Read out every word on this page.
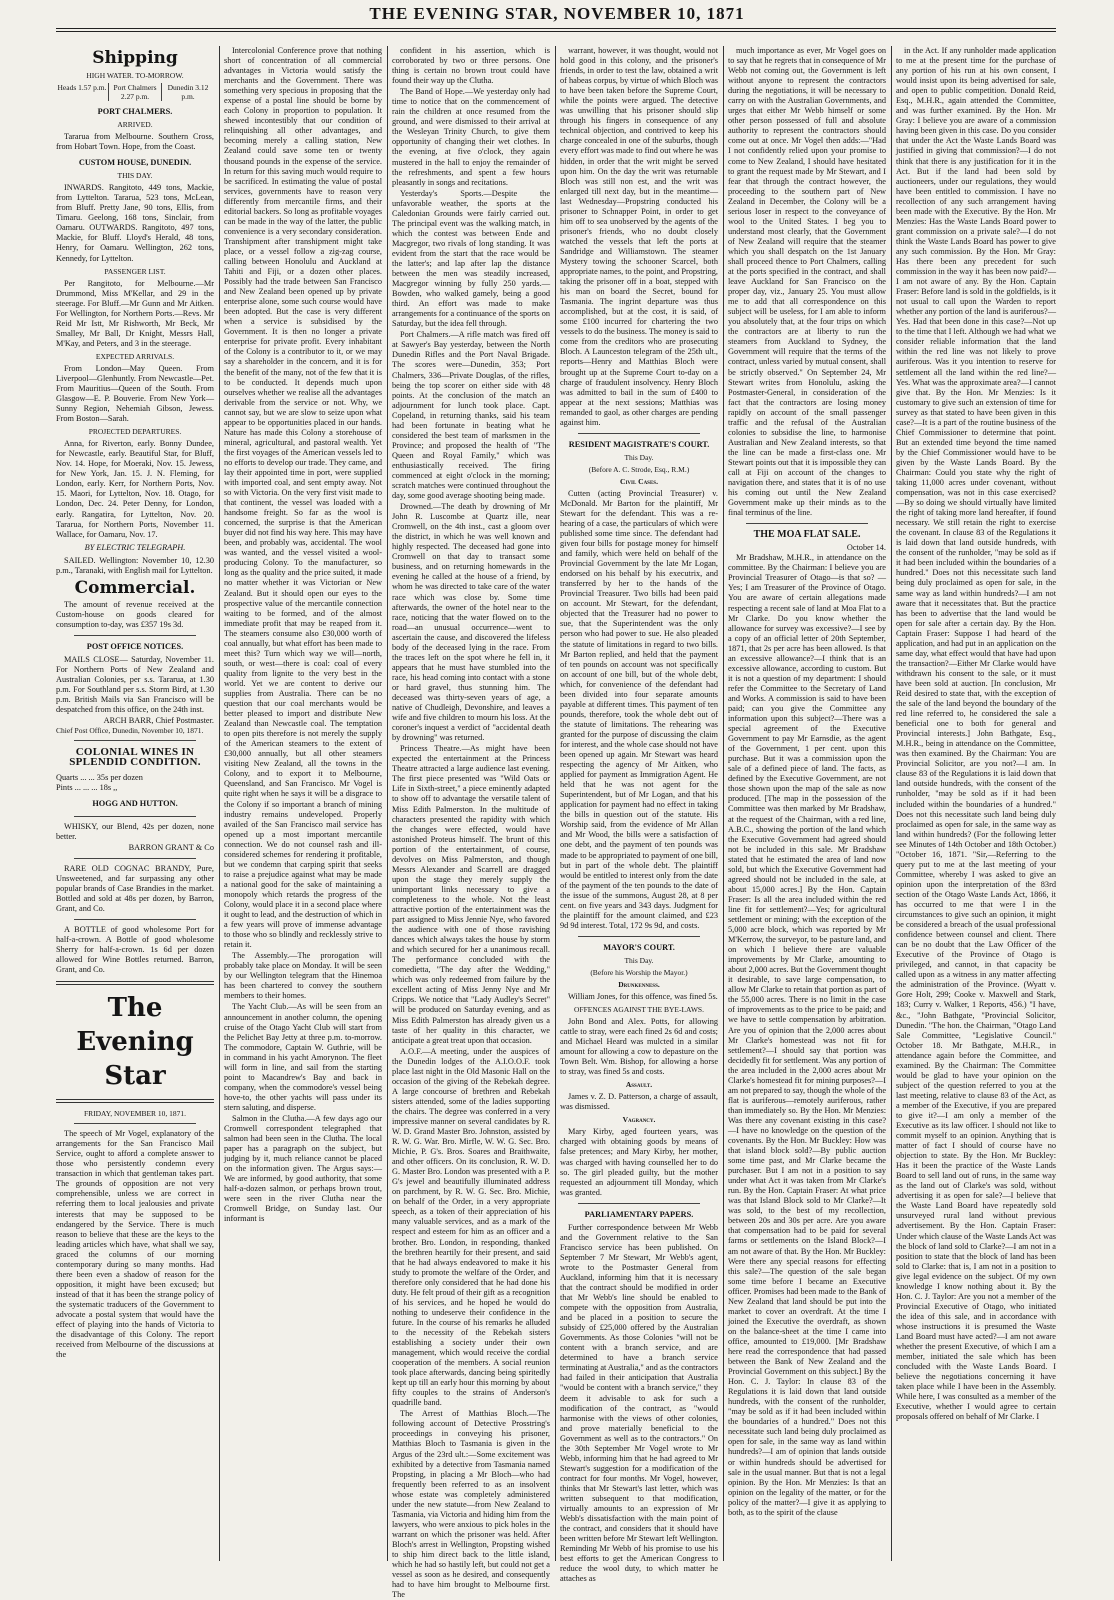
THE EVENING STAR, NOVEMBER 10, 1871
Shipping
HIGH WATER. TO-MORROW.
Heads 1.57 p.m. Port Chalmers 2.27 p.m.
Dunedin 3.12 p.m.
PORT CHALMERS.
ARRIVED.

Tararua from Melbourne. Southern Cross, from Hobart Town. Hope, from the Coast.

CUSTOM HOUSE, DUNEDIN.
THIS DAY.

INWARDS. Rangitoto, 449 tons, Mackie, from Lyttelton. Tararua, 523 tons, McLean, from Bluff. Pretty Jane, 90 tons, Ellis, from Timaru. Geelong, 168 tons, Sinclair, from Oamaru. OUTWARDS. Rangitoto, 497 tons, Mackie, for Bluff. Lloyd's Herald, 48 tons, Henry, for Oamaru. Wellington, 262 tons, Kennedy, for Lyttelton.

PASSENGER LIST.

Per Rangitoto, for Melbourne.—Mr Drummond, Miss M'Kellar, and 29 in the steerage. For Bluff.—Mr Gunn and Mr Aitken. For Wellington, for Northern Ports.—Revs. Mr Reid Mr Istt, Mr Rishworth, Mr Beck, Mr Smalley, Mr Ball, Dr Knight, Messrs Hall, M'Kay, and Peters, and 3 in the steerage.

EXPECTED ARRIVALS.

From London—May Queen. From Liverpool—Glenhuntly. From Newcastle—Pet. From Mauritius—Queen of the South. From Glasgow—E. P. Bouverie. From New York—Sunny Region, Nehemiah Gibson, Jewess. From Boston—Sarah.

PROJECTED DEPARTURES.

Anna, for Riverton, early. Bonny Dundee, for Newcastle, early. Beautiful Star, for Bluff, Nov. 14. Hope, for Moeraki, Nov. 15. Jewess, for New York, Jan. 15. J. N. Fleming, for London, early. Kerr, for Northern Ports, Nov. 15. Maori, for Lyttelton, Nov. 18. Otago, for London, Dec. 24. Peter Denny, for London, early. Rangatira, for Lyttelton, Nov. 20. Tararua, for Northern Ports, November 11. Wallace, for Oamaru, Nov. 17.

BY ELECTRIC TELEGRAPH.

SAILED. Wellington: November 10, 12.30 p.m., Taranaki, with English mail for Lyttelton.

Commercial.

The amount of revenue received at the Custom-house on goods cleared for consumption to-day, was £357 19s 3d.

POST OFFICE NOTICES.

MAILS CLOSE— Saturday, November 11. For Northern Ports of New Zealand and Australian Colonies, per s.s. Tararua, at 1.30 p.m. For Southland per s.s. Storm Bird, at 1.30 p.m. British Mails via San Francisco will be despatched from this office, on the 24th inst.

ARCH BARR, Chief Postmaster.
Chief Post Office, Dunedin, November 10, 1871.
COLONIAL WINES IN SPLENDID CONDITION.
Quarts ... ... 35s per dozen
Pints ... ... ... 18s ,,
HOGG AND HUTTON.

WHISKY, our Blend, 42s per dozen, none better.

BARRON GRANT & Co

RARE OLD COGNAC BRANDY, Pure, Unsweetened, and far surpassing any other popular brands of Case Brandies in the market. Bottled and sold at 48s per dozen, by Barron, Grant, and Co.

A BOTTLE of good wholesome Port for half-a-crown. A Bottle of good wholesome Sherry for half-a-crown. 1s 6d per dozen allowed for Wine Bottles returned. Barron, Grant, and Co.

The Evening Star
FRIDAY, NOVEMBER 10, 1871.

The speech of Mr Vogel, explanatory of the arrangements for the San Francisco Mail Service, ought to afford a complete answer to those who persistently condemn every transaction in which that gentleman takes part. The grounds of opposition are not very comprehensible, unless we are correct in referring them to local jealousies and private interests that may be supposed to be endangered by the Service. There is much reason to believe that these are the keys to the leading articles which have, what shall we say, graced the columns of our morning contemporary during so many months. Had there been even a shadow of reason for the opposition, it might have been excused; but instead of that it has been the strange policy of the systematic traducers of the Government to advocate a postal system that would have the effect of playing into the hands of Victoria to the disadvantage of this Colony. The report received from Melbourne of the discussions at the

Intercolonial Conference prove that nothing short of concentration of all commercial advantages in Victoria would satisfy the merchants and the Government. There was something very specious in proposing that the expense of a postal line should be borne by each Colony in proportion to population. It shewed incontestibly that our condition of relinquishing all other advantages, and becoming merely a calling station, New Zealand could save some ten or twenty thousand pounds in the expense of the service. In return for this saving much would require to be sacrificed. In estimating the value of postal services, governments have to reason very differently from mercantile firms, and their editorial backers. So long as profitable voyages can be made in the way of the latter, the public convenience is a very secondary consideration. Transhipment after transhipment might take place, or a vessel follow a zig-zag course, calling between Honolulu and Auckland at Tahiti and Fiji, or a dozen other places. Possibly had the trade between San Francisco and New Zealand been opened up by private enterprise alone, some such course would have been adopted. But the case is very different when a service is subsidised by the Government. It is then no longer a private enterprise for private profit. Every inhabitant of the Colony is a contributor to it, or we may say a shareholder in the concern, and it is for the benefit of the many, not of the few that it is to be conducted. It depends much upon ourselves whether we realise all the advantages derivable from the service or not. Why, we cannot say, but we are slow to seize upon what appear to be opportunities placed in our hands. Nature has made this Colony a storehouse of mineral, agricultural, and pastoral wealth. Yet the first voyages of the American vessels led to no efforts to develop our trade. They came, and lay their appointed time in port, were supplied with imported coal, and sent empty away. Not so with Victoria. On the very first visit made to that continent, the vessel was loaded with a handsome freight. So far as the wool is concerned, the surprise is that the American buyer did not find his way here. This may have been, and probably was, accidental. The wool was wanted, and the vessel visited a wool-producing Colony. To the manufacturer, so long as the quality and the price suited, it made no matter whether it was Victorian or New Zealand. But it should open our eyes to the prospective value of the mercantile connection waiting to be formed, and of the almost immediate profit that may be reaped from it. The steamers consume also £30,000 worth of coal annually, but what effort has been made to meet this? Turn which way we will—north, south, or west—there is coal: coal of every quality from lignite to the very best in the world. Yet we are content to derive our supplies from Australia. There can be no question that our coal merchants would be better pleased to import and distribute New Zealand than Newcastle coal. The temptation to open pits therefore is not merely the supply of the American steamers to the extent of £30,000 annually, but all other steamers visiting New Zealand, all the towns in the Colony, and to export it to Melbourne, Queensland, and San Francisco. Mr Vogel is quite right when he says it will be a disgrace to the Colony if so important a branch of mining industry remains undeveloped. Properly availed of the San Francisco mail service has opened up a most important mercantile connection. We do not counsel rash and ill-considered schemes for rendering it profitable, but we condemn that carping spirit that seeks to raise a prejudice against what may be made a national good for the sake of maintaining a monopoly which retards the progress of the Colony, would place it in a second place where it ought to lead, and the destruction of which in a few years will prove of immense advantage to those who so blindly and recklessly strive to retain it.

The Assembly.—The prorogation will probably take place on Monday. It will be seen by our Wellington telegram that the Hinemoa has been chartered to convey the southern members to their homes.

The Yacht Club.—As will be seen from an announcement in another column, the opening cruise of the Otago Yacht Club will start from the Pelichet Bay Jetty at three p.m. to-morrow. The commodore, Captain W. Guthrie, will be in command in his yacht Amorynon. The fleet will form in line, and sail from the starting point to Macandrew's Bay and back in company, when the commodore's vessel being hove-to, the other yachts will pass under its stern saluting, and disperse.

Salmon in the Clutha.—A few days ago our Cromwell correspondent telegraphed that salmon had been seen in the Clutha. The local paper has a paragraph on the subject, but judging by it, much reliance cannot be placed on the information given. The Argus says:—We are informed, by good authority, that some half-a-dozen salmon, or perhaps brown trout, were seen in the river Clutha near the Cromwell Bridge, on Sunday last. Our informant is

confident in his assertion, which is corroborated by two or three persons. One thing is certain no brown trout could have found their way up the Clutha.

The Band of Hope.—We yesterday only had time to notice that on the commencement of rain the children at once resumed from the ground, and were dismissed to their arrival at the Wesleyan Trinity Church, to give them opportunity of changing their wet clothes. In the evening, at five o'clock, they again mustered in the hall to enjoy the remainder of the refreshments, and spent a few hours pleasantly in songs and recitations.

Yesterday's Sports.—Despite the unfavorable weather, the sports at the Caledonian Grounds were fairly carried out. The principal event was the walking match, in which the contest was between Ende and Macgregor, two rivals of long standing. It was evident from the start that the race would be the latter's; and lap after lap the distance between the men was steadily increased, Macgregor winning by fully 250 yards.—Bowden, who walked gamely, being a good third. An effort was made to make arrangements for a continuance of the sports on Saturday, but the idea fell through.

Port Chalmers.—A rifle match was fired off at Sawyer's Bay yesterday, between the North Dunedin Rifles and the Port Naval Brigade. The scores were—Dunedin, 353; Port Chalmers, 336—Private Douglas, of the rifles, being the top scorer on either side with 48 points. At the conclusion of the match an adjournment for lunch took place. Capt. Copeland, in returning thanks, said his team had been fortunate in beating what he considered the best team of marksmen in the Province; and proposed the health of "The Queen and Royal Family," which was enthusiastically received. The firing commenced at eight o'clock in the morning; scratch matches were continued throughout the day, some good average shooting being made.

Drowned.—The death by drowning of Mr John R. Luscombe at Quartz ille, near Cromwell, on the 4th inst., cast a gloom over the district, in which he was well known and highly respected. The deceased had gone into Cromwell on that day to transact some business, and on returning homewards in the evening he called at the house of a friend, by whom he was directed to take care of the water race which was close by. Some time afterwards, the owner of the hotel near to the race, noticing that the water flowed on to the road—an unusual occurrence—went to ascertain the cause, and discovered the lifeless body of the deceased lying in the race. From the traces left on the spot where he fell in, it appears that he must have stumbled into the race, his head coming into contact with a stone or hard gravel, thus stunning him. The deceased was thirty-seven years of age, a native of Chudleigh, Devonshire, and leaves a wife and five children to mourn his loss. At the coroner's inquest a verdict of "accidental death by drowning" was returned.

Princess Theatre.—As might have been expected the entertainment at the Princess Theatre attracted a large audience last evening. The first piece presented was "Wild Oats or Life in Sixth-street," a piece eminently adapted to show off to advantage the versatile talent of Miss Edith Palmerston. In the multitude of characters presented the rapidity with which the changes were effected, would have astonished Proteus himself. The brunt of this portion of the entertainment, of course, devolves on Miss Palmerston, and though Messrs Alexander and Scarrell are dragged upon the stage they merely supply the unimportant links necessary to give a completeness to the whole. Not the least attractive portion of the entertainment was the part assigned to Miss Jennie Nye, who favored the audience with one of those ravishing dances which always takes the house by storm and which secured for her a unanimous recall. The performance concluded with the comedietta, "The day after the Wedding," which was only redeemed from failure by the excellent acting of Miss Jenny Nye and Mr Cripps. We notice that "Lady Audley's Secret" will be produced on Saturday evening, and as Miss Edith Palmerston has already given us a taste of her quality in this character, we anticipate a great treat upon that occasion.

A.O.F.—A meeting, under the auspices of the Dunedin lodges of the A.I.O.O.F. took place last night in the Old Masonic Hall on the occasion of the giving of the Rebekah degree. A large concourse of brethren and Rebekah sisters attended, some of the ladies supporting the chairs. The degree was conferred in a very impressive manner on several candidates by R. W. D. Grand Master Bro. Johnston, assisted by R. W. G. War. Bro. Mirfle, W. W. G. Sec. Bro. Michie, P. G's. Bros. Soares and Braithwaite, and other officers. On its conclusion, R. W. D. G. Master Bro. London was presented with a P. G's jewel and beautifully illuminated address on parchment, by R. W. G. Sec. Bro. Michie, on behalf of the Order, in a very appropriate speech, as a token of their appreciation of his many valuable services, and as a mark of the respect and esteem for him as an officer and a brother. Bro. London, in responding, thanked the brethren heartily for their present, and said that he had always endeavored to make it his study to promote the welfare of the Order, and therefore only considered that he had done his duty. He felt proud of their gift as a recognition of his services, and he hoped he would do nothing to undeserve their confidence in the future. In the course of his remarks he alluded to the necessity of the Rebekah sisters establishing a society under their own management, which would receive the cordial cooperation of the members. A social reunion took place afterwards, dancing being spiritedly kept up till an early hour this morning by about fifty couples to the strains of Anderson's quadrille band.

The Arrest of Matthias Bloch.—The following account of Detective Prosstring's proceedings in conveying his prisoner, Matthias Bloch to Tasmania is given in the Argus of the 23rd ult.:—Some excitement was exhibited by a detective from Tasmania named Propsting, in placing a Mr Bloch—who had frequently been referred to as an insolvent whose estate was completely administered under the new statute—from New Zealand to Tasmania, via Victoria and hiding him from the lawyers, who were anxious to pick holes in the warrant on which the prisoner was held. After Bloch's arrest in Wellington, Propsting wished to ship him direct back to the little island, which he had so hastily left, but could not get a vessel as soon as he desired, and consequently had to have him brought to Melbourne first. The

warrant, however, it was thought, would not hold good in this colony, and the prisoner's friends, in order to test the law, obtained a writ of habeas corpus, by virtue of which Bloch was to have been taken before the Supreme Court, while the points were argued. The detective was unwilling that his prisoner should slip through his fingers in consequence of any technical objection, and contrived to keep his charge concealed in one of the suburbs, though every effort was made to find out where he was hidden, in order that the writ might be served upon him. On the day the writ was returnable Bloch was still non est, and the writ was enlarged till next day, but in the meantime—last Wednesday—Propstring conducted his prisoner to Schnapper Point, in order to get him off to sea unobserved by the agents of the prisoner's friends, who no doubt closely watched the vessels that left the ports at Sandridge and Williamstown. The steamer Mystery towing the schooner Scarcel, both appropriate names, to the point, and Propstring, taking the prisoner off in a boat, stepped with his man on board the Secret, bound for Tasmania. The ingrint departure was thus accomplished, but at the cost, it is said, of some £100 incurred for chartering the two vessels to do the business. The money is said to come from the creditors who are prosecuting Bloch. A Launceston telegram of the 25th ult., reports—Henry and Matthias Bloch were brought up at the Supreme Court to-day on a charge of fraudulent insolvency. Henry Bloch was admitted to bail in the sum of £400 to appear at the next sessions; Matthias was remanded to gaol, as other charges are pending against him.

RESIDENT MAGISTRATE'S COURT.
This Day.
(Before A. C. Strode, Esq., R.M.)
Civil Cases.

Cutten (acting Provincial Treasurer) v. McDonald. Mr Barton for the plaintiff, Mr Stewart for the defendant. This was a re-hearing of a case, the particulars of which were published some time since. The defendant had given four bills for postage money for himself and family, which were held on behalf of the Provincial Government by the late Mr Logan, endorsed on his behalf by his executrix, and transferred by her to the hands of the Provincial Treasurer. Two bills had been paid on account. Mr Stewart, for the defendant, objected that the Treasurer had no power to sue, that the Superintendent was the only person who had power to sue. He also pleaded the statute of limitations in regard to two bills. Mr Barton replied, and held that the payment of ten pounds on account was not specifically on account of one bill, but of the whole debt, which, for convenience of the defendant had been divided into four separate amounts payable at different times. This payment of ten pounds, therefore, took the whole debt out of the statute of limitations. The rehearing was granted for the purpose of discussing the claim for interest, and the whole case should not have been opened up again. Mr Stewart was heard respecting the agency of Mr Aitken, who applied for payment as Immigration Agent. He held that he was not agent for the Superintendent, but of Mr Logan, and that his application for payment had no effect in taking the bills in question out of the statute. His Worship said, from the evidence of Mr Allan and Mr Wood, the bills were a satisfaction of one debt, and the payment of ten pounds was made to be appropriated to payment of one bill, but in part of the whole debt. The plaintiff would be entitled to interest only from the date of the payment of the ten pounds to the date of the issue of the summons, August 28, at 8 per cent. on five years and 343 days. Judgment for the plaintiff for the amount claimed, and £23 9d 9d interest. Total, 172 9s 9d, and costs.

MAYOR'S COURT.
This Day.
(Before his Worship the Mayor.)
Drunkenness.

William Jones, for this offence, was fined 5s.

OFFENCES AGAINST THE BYE-LAWS.

John Bond and Alex. Potts, for allowing cattle to stray, were each fined 2s 6d and costs; and Michael Heard was mulcted in a similar amount for allowing a cow to depasture on the Town Belt. Wm. Bishop, for allowing a horse to stray, was fined 5s and costs.

Assault.

James v. Z. D. Patterson, a charge of assault, was dismissed.

Vagrancy.

Mary Kirby, aged fourteen years, was charged with obtaining goods by means of false pretences; and Mary Kirby, her mother, was charged with having counselled her to do so. The girl pleaded guilty, but the mother requested an adjournment till Monday, which was granted.

PARLIAMENTARY PAPERS.

Further correspondence between Mr Webb and the Government relative to the San Francisco service has been published. On September 7 Mr Stewart, Mr Webb's agent, wrote to the Postmaster General from Auckland, informing him that it is necessary that the contract should be modified in order that Mr Webb's line should be enabled to compete with the opposition from Australia, and be placed in a position to secure the subsidy of £25,000 offered by the Australian Governments. As those Colonies "will not be content with a branch service, and are determined to have a branch service terminating at Australia," and as the contractors had failed in their anticipation that Australia "would be content with a branch service," they deem it advisable to ask for such a modification of the contract, as "would harmonise with the views of other colonies, and prove materially beneficial to the Government as well as to the contractors." On the 30th September Mr Vogel wrote to Mr Webb, informing him that he had agreed to Mr Stewart's suggestion for a modification of the contract for four months. Mr Vogel, however, thinks that Mr Stewart's last letter, which was written subsequent to that modification, virtually amounts to an expression of Mr Webb's dissatisfaction with the main point of the contract, and considers that it should have been written before Mr Stewart left Wellington. Reminding Mr Webb of his promise to use his best efforts to get the American Congress to reduce the wool duty, to which matter he attaches as

much importance as ever, Mr Vogel goes on to say that he regrets that in consequence of Mr Webb not coming out, the Government is left without anyone to represent the contractors during the negotiations, it will be necessary to carry on with the Australian Governments, and urges that either Mr Webb himself or some other person possessed of full and absolute authority to represent the contractors should come out at once. Mr Vogel then adds:—"Had I not confidently relied upon your promise to come to New Zealand, I should have hesitated to grant the request made by Mr Stewart, and I fear that through the contract however, the proceeding to the southern part of New Zealand in December, the Colony will be a serious loser in respect to the conveyance of wool to the United States. I beg you to understand most clearly, that the Government of New Zealand will require that the steamer which you shall despatch on the 1st January shall proceed thence to Port Chalmers, calling at the ports specified in the contract, and shall leave Auckland for San Francisco on the proper day, viz., January 25. You must allow me to add that all correspondence on this subject will be useless, for I am able to inform you absolutely that, at the four trips on which the contractors are at liberty to run the steamers from Auckland to Sydney, the Government will require that the terms of the contract, unless varied by mutual consent, shall be strictly observed." On September 24, Mr Stewart writes from Honolulu, asking the Postmaster-General, in consideration of the fact that the contractors are losing money rapidly on account of the small passenger traffic and the refusal of the Australian colonies to subsidise the line, to harmonise Australian and New Zealand interests, so that the line can be made a first-class one. Mr Stewart points out that it is impossible they can call at Fiji on account of the changes to navigation there, and states that it is of no use his coming out until the New Zealand Government make up their minds as to the final terminus of the line.

THE MOA FLAT SALE.
October 14.

Mr Bradshaw, M.H.R., in attendance on the committee. By the Chairman: I believe you are Provincial Treasurer of Otago—is that so? —Yes; I am Treasurer of the Province of Otago. You are aware of certain allegations made respecting a recent sale of land at Moa Flat to a Mr Clarke. Do you know whether the allowance for survey was excessive?—I see by a copy of an official letter of 20th September, 1871, that 2s per acre has been allowed. Is that an excessive allowance?—I think that is an excessive allowance, according to custom. But it is not a question of my department: I should refer the Committee to the Secretary of Land and Works. A commission is said to have been paid; can you give the Committee any information upon this subject?—There was a special agreement of the Executive Government to pay Mr Earnsdie, as the agent of the Government, 1 per cent. upon this purchase. But it was a commission upon the sale of a defined piece of land. The facts, as defined by the Executive Government, are not those shown upon the map of the sale as now produced. [The map in the possession of the Committee was then marked by Mr Bradshaw, at the request of the Chairman, with a red line, A.B.C., showing the portion of the land which the Executive Government had agreed should not be included in this sale. Mr Bradshaw stated that he estimated the area of land now sold, but which the Executive Government had agreed should not be included in the sale, at about 15,000 acres.] By the Hon. Captain Fraser: Is all the area included within the red line fit for settlement?—Yes; for agricultural settlement or mining; with the exception of the 5,000 acre block, which was reported by Mr M'Kerrow, the surveyor, to be pasture land, and on which I believe there are valuable improvements by Mr Clarke, amounting to about 2,000 acres. But the Government thought it desirable, to save large compensation, to allow Mr Clarke to retain that portion as part of the 55,000 acres. There is no limit in the case of improvements as to the price to be paid; and we have to settle compensation by arbitration. Are you of opinion that the 2,000 acres about Mr Clarke's homestead was not fit for settlement?—I should say that portion was decidedly fit for settlement. Was any portion of the area included in the 2,000 acres about Mr Clarke's homestead fit for mining purposes?—I am not prepared to say, though the whole of the flat is auriferous—remotely auriferous, rather than immediately so. By the Hon. Mr Menzies: Was there any covenant existing in this case?—I have no knowledge on the question of the covenants. By the Hon. Mr Buckley: How was that island block sold?—By public auction some time past, and Mr Clarke became the purchaser. But I am not in a position to say under what Act it was taken from Mr Clarke's run. By the Hon. Captain Fraser: At what price was that Island Block sold to Mr Clarke?—It was sold, to the best of my recollection, between 20s and 30s per acre. Are you aware that compensation had to be paid for several farms or settlements on the Island Block?—I am not aware of that. By the Hon. Mr Buckley: Were there any special reasons for effecting this sale?—The question of the sale began some time before I became an Executive officer. Promises had been made to the Bank of New Zealand that land should be put into the market to cover an overdraft. At the time I joined the Executive the overdraft, as shown on the balance-sheet at the time I came into office, amounted to £19,000. [Mr Bradshaw here read the correspondence that had passed between the Bank of New Zealand and the Provincial Government on this subject.] By the Hon. C. J. Taylor: In clause 83 of the Regulations it is laid down that land outside hundreds, with the consent of the runholder, "may be sold as if it had been included within the boundaries of a hundred." Does not this necessitate such land being duly proclaimed as open for sale, in the same way as land within hundreds?—I am of opinion that lands outside or within hundreds should be advertised for sale in the usual manner. But that is not a legal opinion. By the Hon. Mr Menzies: Is that an opinion on the legality of the matter, or for the policy of the matter?—I give it as applying to both, as to the spirit of the clause

in the Act. If any runholder made application to me at the present time for the purchase of any portion of his run at his own consent, I would insist upon its being advertised for sale, and open to public competition. Donald Reid, Esq., M.H.R., again attended the Committee, and was further examined. By the Hon. Mr Gray: I believe you are aware of a commission having been given in this case. Do you consider that under the Act the Waste Lands Board was justified in giving that commission?—I do not think that there is any justification for it in the Act. But if the land had been sold by auctioneers, under our regulations, they would have been entitled to commission. I have no recollection of any such arrangement having been made with the Executive. By the Hon. Mr Menzies: Has the Waste Lands Board power to grant commission on a private sale?—I do not think the Waste Lands Board has power to give any such commission. By the Hon. Mr Gray: Has there been any precedent for such commission in the way it has been now paid?—I am not aware of any. By the Hon. Captain Fraser: Before land is sold in the goldfields, is it not usual to call upon the Warden to report whether any portion of the land is auriferous?—Yes. Had that been done in this case?—Not up to the time that I left. Although we had what we consider reliable information that the land within the red line was not likely to prove auriferous. Was it you intention to reserve for settlement all the land within the red line?—Yes. What was the approximate area?—I cannot give that. By the Hon. Mr Menzies: Is it customary to give such an extension of time for survey as that stated to have been given in this case?—It is a part of the routine business of the Chief Commissioner to determine that point. But an extended time beyond the time named by the Chief Commissioner would have to be given by the Waste Lands Board. By the Chairman: Could you state why the right of taking 11,000 acres under covenant, without compensation, was not in this case exercised?—By so doing we should virtually have limited the right of taking more land hereafter, if found necessary. We still retain the right to exercise the covenant. In clause 83 of the Regulations it is laid down that land outside hundreds, with the consent of the runholder, "may be sold as if it had been included within the boundaries of a hundred." Does not this necessitate such land being duly proclaimed as open for sale, in the same way as land within hundreds?—I am not aware that it necessitates that. But the practice has been to advertise that the land would be open for sale after a certain day. By the Hon. Captain Fraser: Suppose I had heard of the application, and had put in an application on the same day, what effect would that have had upon the transaction?—Either Mr Clarke would have withdrawn his consent to the sale, or it must have been sold at auction. [In conclusion, Mr Reid desired to state that, with the exception of the sale of the land beyond the boundary of the red line referred to, he considered the sale a beneficial one to both for general and Provincial interests.] John Bathgate, Esq., M.H.R., being in attendance on the Committee, was then examined. By the Chairman: You are Provincial Solicitor, are you not?—I am. In clause 83 of the Regulations it is laid down that land outside hundreds, with the consent of the runholder, "may be sold as if it had been included within the boundaries of a hundred." Does not this necessitate such land being duly proclaimed as open for sale, in the same way as land within hundreds? (For the following letter see Minutes of 14th October and 18th October.) "October 16, 1871. "Sir,—Referring to the query put to me at the last meeting of your Committee, whereby I was asked to give an opinion upon the interpretation of the 83rd section of the Otago Waste Lands Act, 1866, it has occurred to me that were I in the circumstances to give such an opinion, it might be considered a breach of the usual professional confidence between counsel and client. There can be no doubt that the Law Officer of the Executive of the Province of Otago is privileged, and cannot, in that capacity be called upon as a witness in any matter affecting the administration of the Province. (Wyatt v. Gore Holt, 299; Cooke v. Maxwell and Stark, 183; Curry v. Walker, 1 Reports, 456.) "I have, &c., "John Bathgate, "Provincial Solicitor, Dunedin. "The hon. the Chairman, "Otago Land Sale Committee, "Legislative Council." October 18. Mr Bathgate, M.H.R., in attendance again before the Committee, and examined. By the Chairman: The Committee would be glad to have your opinion on the subject of the question referred to you at the last meeting, relative to clause 83 of the Act, as a member of the Executive, if you are prepared to give it?—I am only a member of the Executive as its law officer. I should not like to commit myself to an opinion. Anything that is matter of fact I should of course have no objection to state. By the Hon. Mr Buckley: Has it been the practice of the Waste Lands Board to sell land out of runs, in the same way as the land out of Clarke's was sold, without advertising it as open for sale?—I believe that the Waste Land Board have repeatedly sold unsurveyed rural land without previous advertisement. By the Hon. Captain Fraser: Under which clause of the Waste Lands Act was the block of land sold to Clarke?—I am not in a position to state that the block of land has been sold to Clarke: that is, I am not in a position to give legal evidence on the subject. Of my own knowledge I know nothing about it. By the Hon. C. J. Taylor: Are you not a member of the Provincial Executive of Otago, who initiated the idea of this sale, and in accordance with whose instructions it is presumed the Waste Land Board must have acted?—I am not aware whether the present Executive, of which I am a member, initiated the sale which has been concluded with the Waste Lands Board. I believe the negotiations concerning it have taken place while I have been in the Assembly. While here, I was consulted as a member of the Executive, whether I would agree to certain proposals offered on behalf of Mr Clarke. I
